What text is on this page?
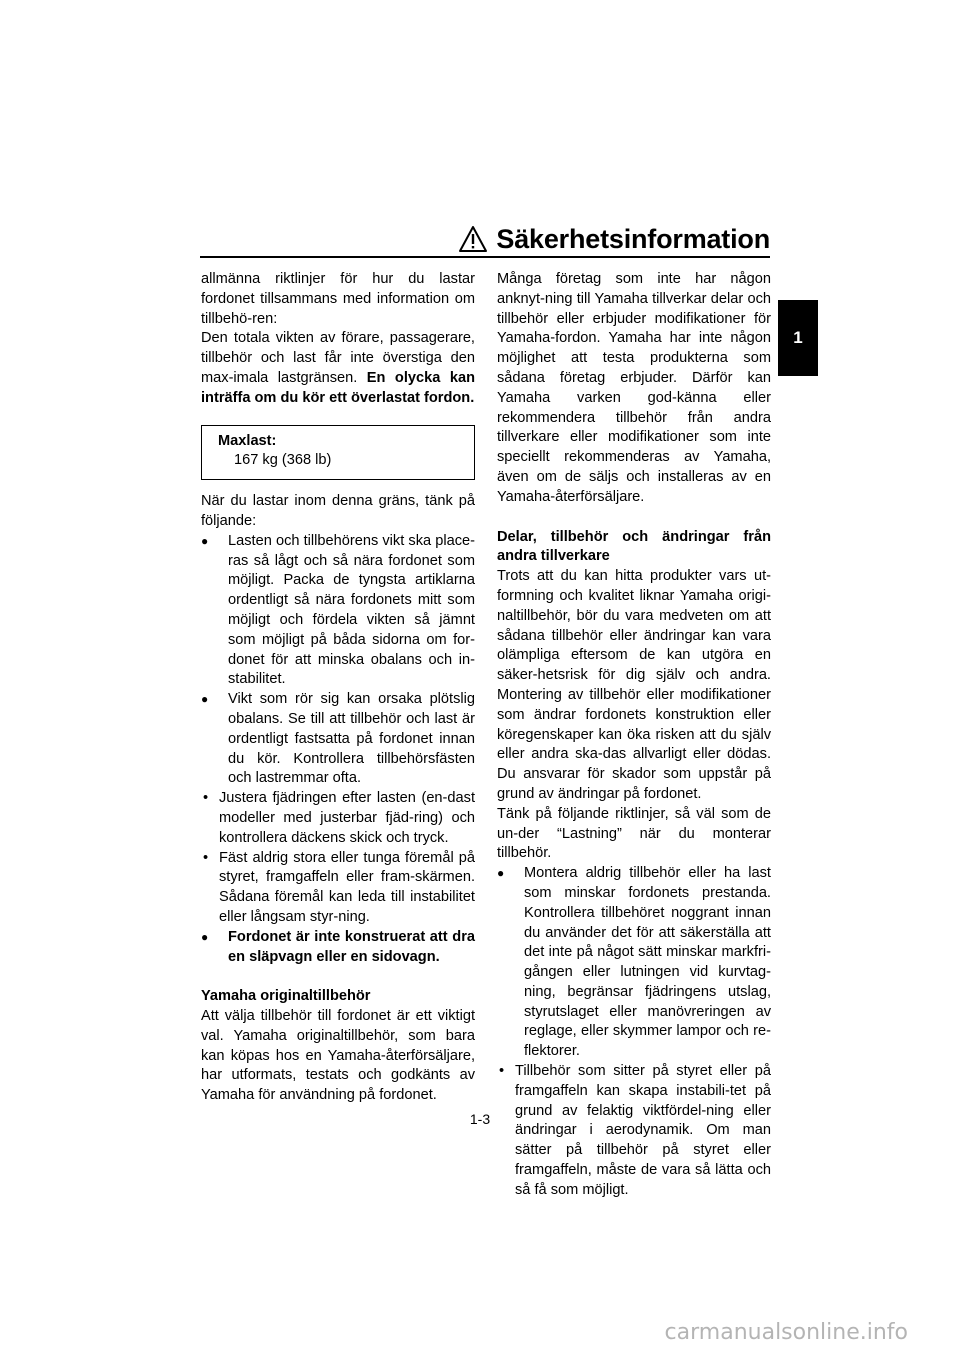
Säkerhetsinformation
1

allmänna riktlinjer för hur du lastar fordonet tillsammans med information om tillbehö-ren:

Den totala vikten av förare, passagerare, tillbehör och last får inte överstiga den max-imala lastgränsen. En olycka kan inträffa om du kör ett överlastat fordon.

Maxlast:
167 kg (368 lb)

När du lastar inom denna gräns, tänk på följande:

● Lasten och tillbehörens vikt ska place-ras så lågt och så nära fordonet som möjligt. Packa de tyngsta artiklarna ordentligt så nära fordonets mitt som möjligt och fördela vikten så jämnt som möjligt på båda sidorna om for-donet för att minska obalans och in-stabilitet.

● Vikt som rör sig kan orsaka plötslig obalans. Se till att tillbehör och last är ordentligt fastsatta på fordonet innan du kör. Kontrollera tillbehörsfästen och lastremmar ofta.

• Justera fjädringen efter lasten (en-dast modeller med justerbar fjäd-ring) och kontrollera däckens skick och tryck.

• Fäst aldrig stora eller tunga föremål på styret, framgaffeln eller fram-skärmen. Sådana föremål kan leda till instabilitet eller långsam styr-ning.

● Fordonet är inte konstruerat att dra en släpvagn eller en sidovagn.

Yamaha originaltillbehör

Att välja tillbehör till fordonet är ett viktigt val. Yamaha originaltillbehör, som bara kan köpas hos en Yamaha-återförsäljare, har utformats, testats och godkänts av Yamaha för användning på fordonet.

Många företag som inte har någon anknyt-ning till Yamaha tillverkar delar och tillbehör eller erbjuder modifikationer för Yamaha-fordon. Yamaha har inte någon möjlighet att testa produkterna som sådana företag erbjuder. Därför kan Yamaha varken god-känna eller rekommendera tillbehör från andra tillverkare eller modifikationer som inte speciellt rekommenderas av Yamaha, även om de säljs och installeras av en Yamaha-återförsäljare.

Delar, tillbehör och ändringar från andra tillverkare

Trots att du kan hitta produkter vars ut-formning och kvalitet liknar Yamaha origi-naltillbehör, bör du vara medveten om att sådana tillbehör eller ändringar kan vara olämpliga eftersom de kan utgöra en säker-hetsrisk för dig själv och andra. Montering av tillbehör eller modifikationer som ändrar fordonets konstruktion eller köregenskaper kan öka risken att du själv eller andra ska-das allvarligt eller dödas. Du ansvarar för skador som uppstår på grund av ändringar på fordonet.

Tänk på följande riktlinjer, så väl som de un-der “Lastning” när du monterar tillbehör.

● Montera aldrig tillbehör eller ha last som minskar fordonets prestanda. Kontrollera tillbehöret noggrant innan du använder det för att säkerställa att det inte på något sätt minskar markfri-gången eller lutningen vid kurvtag-ning, begränsar fjädringens utslag, styrutslaget eller manövreringen av reglage, eller skymmer lampor och re-flektorer.

• Tillbehör som sitter på styret eller på framgaffeln kan skapa instabili-tet på grund av felaktig viktfördel-ning eller ändringar i aerodynamik. Om man sätter på tillbehör på styret eller framgaffeln, måste de vara så lätta och så få som möjligt.

1-3
carmanualsonline.info
